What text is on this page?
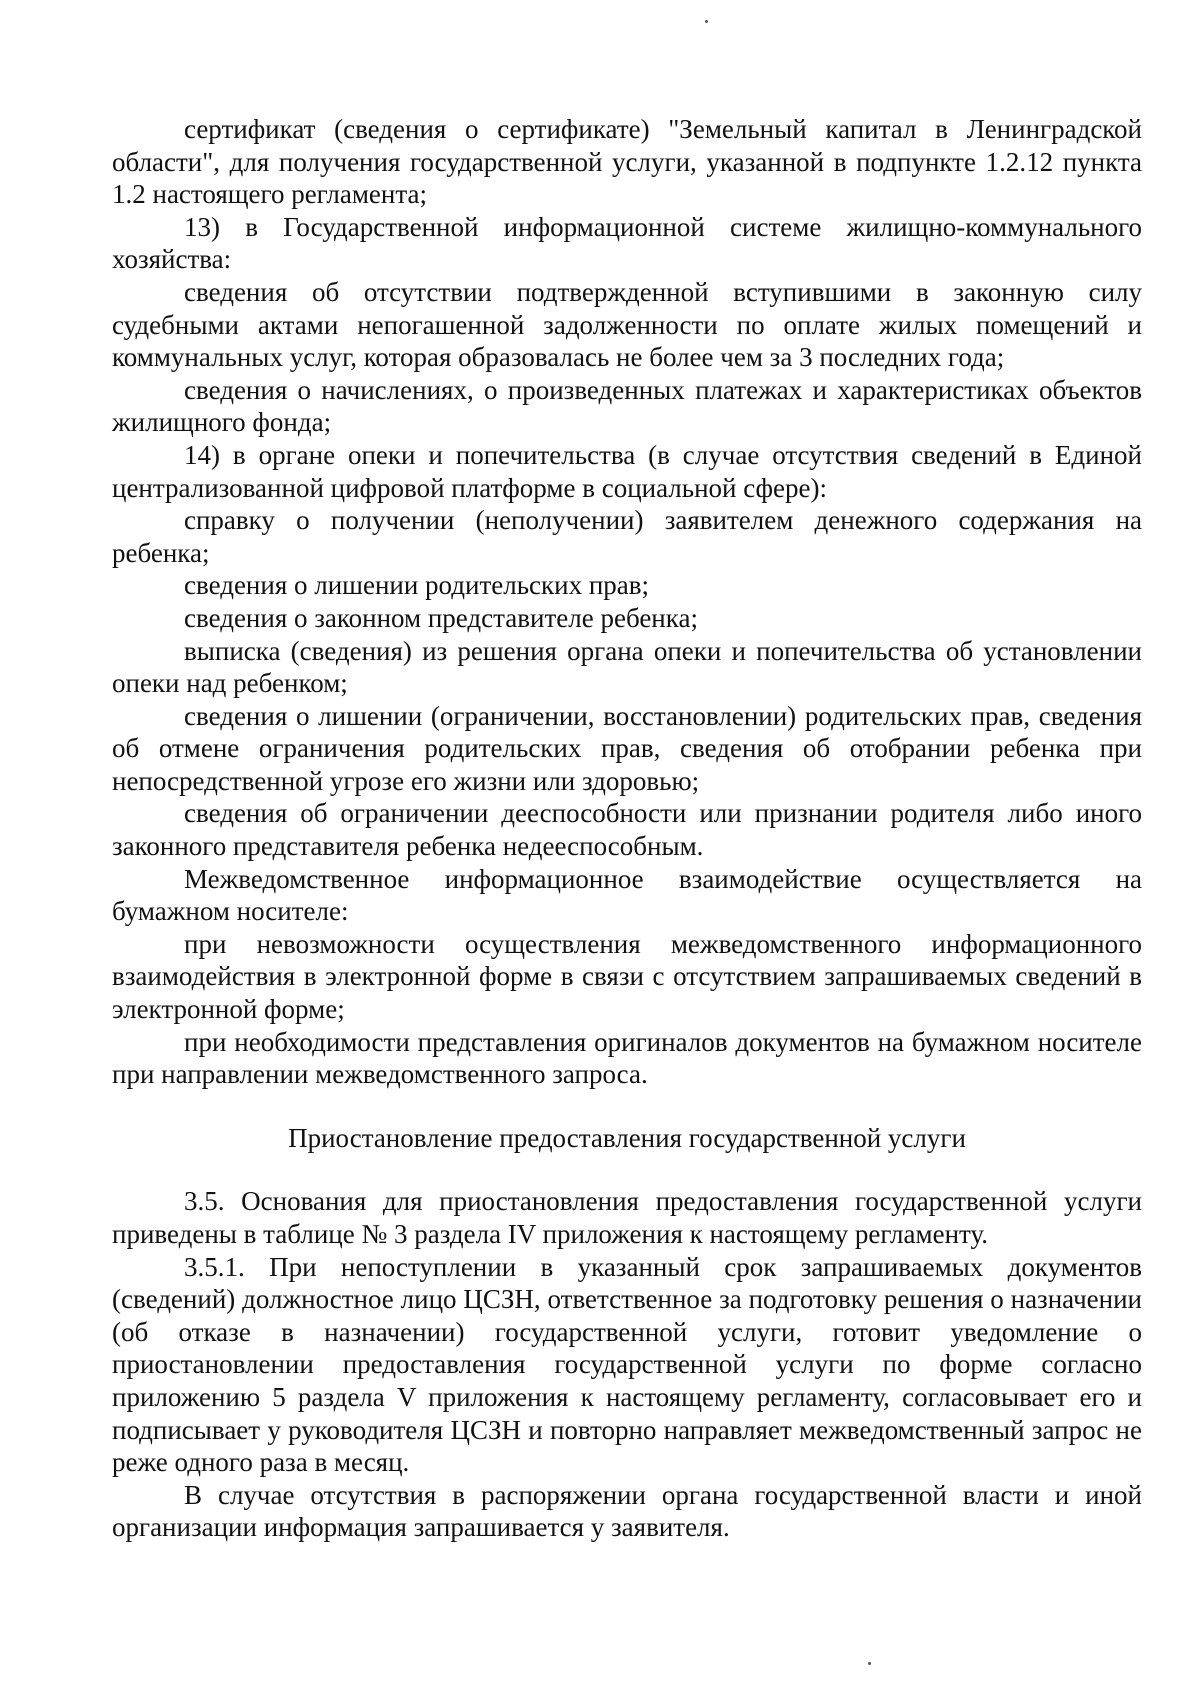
сертификат (сведения о сертификате) "Земельный капитал в Ленинградской области", для получения государственной услуги, указанной в подпункте 1.2.12 пункта 1.2 настоящего регламента;

13) в Государственной информационной системе жилищно-коммунального хозяйства:

сведения об отсутствии подтвержденной вступившими в законную силу судебными актами непогашенной задолженности по оплате жилых помещений и коммунальных услуг, которая образовалась не более чем за 3 последних года;

сведения о начислениях, о произведенных платежах и характеристиках объектов жилищного фонда;

14) в органе опеки и попечительства (в случае отсутствия сведений в Единой централизованной цифровой платформе в социальной сфере):

справку о получении (неполучении) заявителем денежного содержания на ребенка;

сведения о лишении родительских прав;

сведения о законном представителе ребенка;

выписка (сведения) из решения органа опеки и попечительства об установлении опеки над ребенком;

сведения о лишении (ограничении, восстановлении) родительских прав, сведения об отмене ограничения родительских прав, сведения об отобрании ребенка при непосредственной угрозе его жизни или здоровью;

сведения об ограничении дееспособности или признании родителя либо иного законного представителя ребенка недееспособным.

Межведомственное информационное взаимодействие осуществляется на бумажном носителе:

при невозможности осуществления межведомственного информационного взаимодействия в электронной форме в связи с отсутствием запрашиваемых сведений в электронной форме;

при необходимости представления оригиналов документов на бумажном носителе при направлении межведомственного запроса.

Приостановление предоставления государственной услуги

3.5. Основания для приостановления предоставления государственной услуги приведены в таблице № 3 раздела IV приложения к настоящему регламенту.

3.5.1. При непоступлении в указанный срок запрашиваемых документов (сведений) должностное лицо ЦСЗН, ответственное за подготовку решения о назначении (об отказе в назначении) государственной услуги, готовит уведомление о приостановлении предоставления государственной услуги по форме согласно приложению 5 раздела V приложения к настоящему регламенту, согласовывает его и подписывает у руководителя ЦСЗН и повторно направляет межведомственный запрос не реже одного раза в месяц.

В случае отсутствия в распоряжении органа государственной власти и иной организации информация запрашивается у заявителя.
